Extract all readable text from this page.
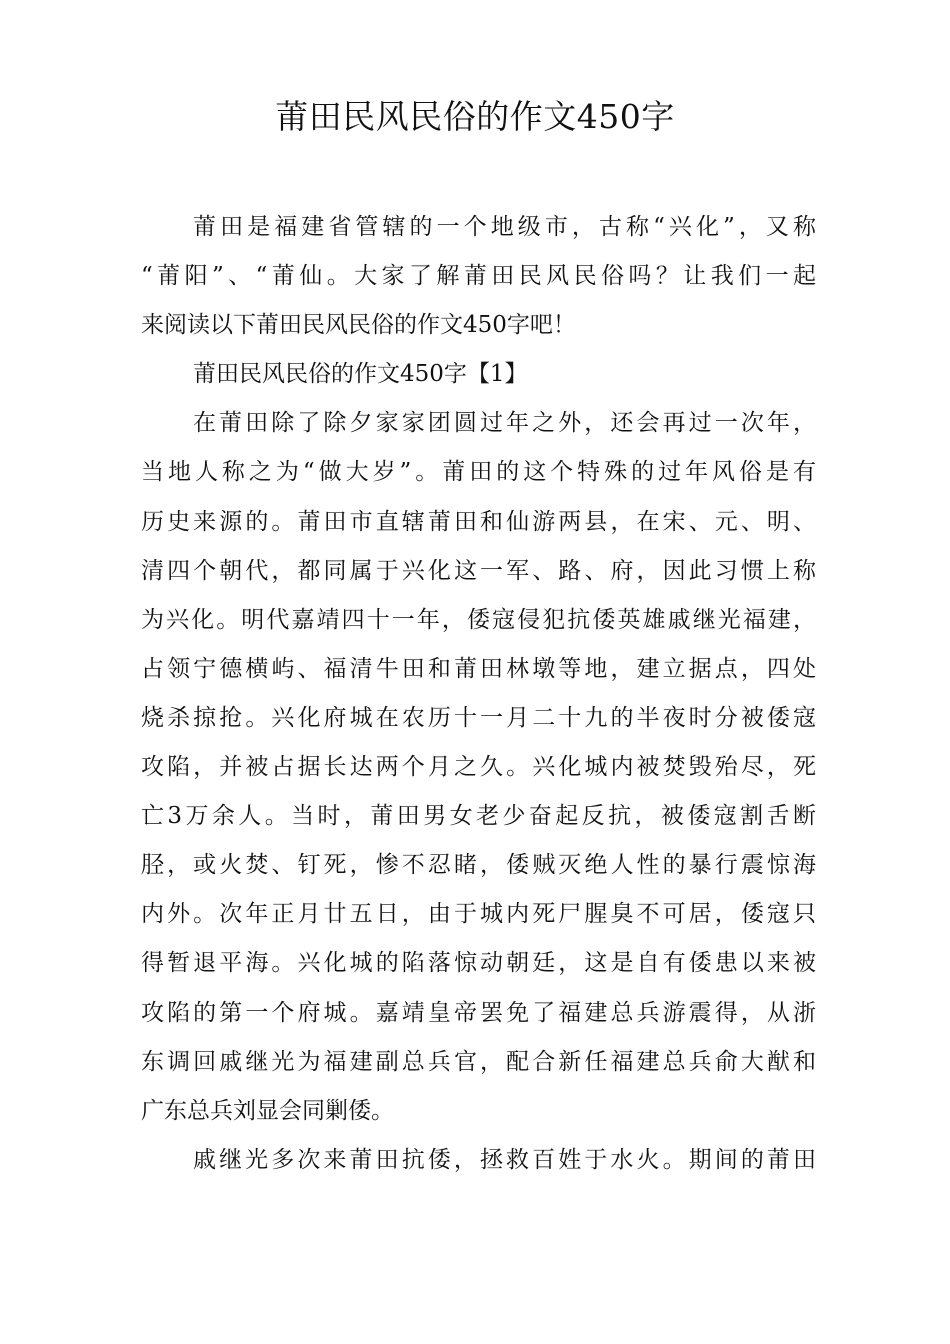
莆田民风民俗的作文450字
莆田是福建省管辖的一个地级市，古称“兴化”，又称
“莆阳”、“莆仙。大家了解莆田民风民俗吗？让我们一起
来阅读以下莆田民风民俗的作文450字吧！
莆田民风民俗的作文450字【1】
在莆田除了除夕家家团圆过年之外，还会再过一次年，
当地人称之为“做大岁”。莆田的这个特殊的过年风俗是有
历史来源的。莆田市直辖莆田和仙游两县，在宋、元、明、
清四个朝代，都同属于兴化这一军、路、府，因此习惯上称
为兴化。明代嘉靖四十一年，倭寇侵犯抗倭英雄戚继光福建，
占领宁德横屿、福清牛田和莆田林墩等地，建立据点，四处
烧杀掠抢。兴化府城在农历十一月二十九的半夜时分被倭寇
攻陷，并被占据长达两个月之久。兴化城内被焚毁殆尽，死
亡3万余人。当时，莆田男女老少奋起反抗，被倭寇割舌断
胫，或火焚、钉死，惨不忍睹，倭贼灭绝人性的暴行震惊海
内外。次年正月廿五日，由于城内死尸腥臭不可居，倭寇只
得暂退平海。兴化城的陷落惊动朝廷，这是自有倭患以来被
攻陷的第一个府城。嘉靖皇帝罢免了福建总兵游震得，从浙
东调回戚继光为福建副总兵官，配合新任福建总兵俞大猷和
广东总兵刘显会同剿倭。
戚继光多次来莆田抗倭，拯救百姓于水火。期间的莆田
